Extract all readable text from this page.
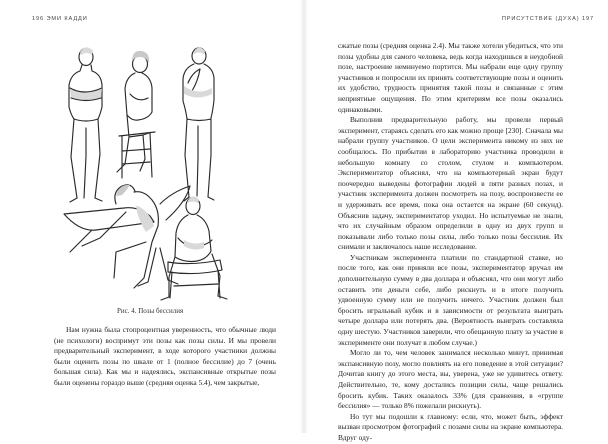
196 ЭМИ КАДДИ
Рис. 4. Позы бессилия

Нам нужна была стопроцентная уверенность, что обычные люди (не психологи) воспримут эти позы как позы силы. И мы провели предварительный эксперимент, в ходе которого участники должны были оценить позы по шкале от 1 (полное бессилие) до 7 (очень большая сила). Как мы и надеялись, экспансивные открытые позы были оценены гораздо выше (средняя оценка 5.4), чем закрытые,

ПРИСУТСТВИЕ (ДУХА) 197

сжатые позы (средняя оценка 2.4). Мы также хотели убедиться, что эти позы удобны для самого человека, ведь когда находишься в неудобной позе, настроение неминуемо портится. Мы набрали еще одну группу участников и попросили их принять соответствующие позы и оценить их удобство, трудность принятия такой позы и связанные с этим неприятные ощущения. По этим критериям все позы оказались одинаковыми.

Выполнив предварительную работу, мы провели первый эксперимент, стараясь сделать его как можно проще [230]. Сначала мы набрали группу участников. О цели эксперимента никому из них не сообщалось. По прибытии в лабораторию участника проводили в небольшую комнату со столом, стулом и компьютером. Экспериментатор объяснял, что на компьютерный экран будут поочередно выведены фотографии людей в пяти разных позах, и участник эксперимента должен посмотреть на позу, воспроизвести ее и удерживать все время, пока она остается на экране (60 секунд). Объяснив задачу, экспериментатор уходил. Но испытуемые не знали, что их случайным образом определили в одну из двух групп и показывали либо только позы силы, либо только позы бессилия. Их снимали и заключалось наше исследование.

Участникам эксперимента платили по стандартной ставке, но после того, как они приняли все позы, экспериментатор вручал им дополнительную сумму в два доллара и объяснял, что они могут либо оставить эти деньги себе, либо рискнуть и в итоге получить удвоенную сумму или не получить ничего. Участник должен был бросить игральный кубик и в зависимости от результата выиграть четыре доллара или потерять два. (Вероятность выиграть составляла одну шестую. Участников заверили, что обещанную плату за участие в эксперименте они получат в любом случае.)

Могло ли то, чем человек занимался несколько минут, принимая экспансивную позу, могло повлиять на его поведение в этой ситуации? Дочитав книгу до этого места, вы, уверена, уже не удивитесь ответу. Действительно, те, кому достались позиции силы, чаще решались бросить кубик. Таких оказалось 33% (для сравнения, в «группе бессилия» — только 8% пожелали рискнуть).

Но тут мы подошли к главному: если, что, может быть, эффект вызван просмотром фотографий с позами силы на экране компьютера. Вдруг оду-
